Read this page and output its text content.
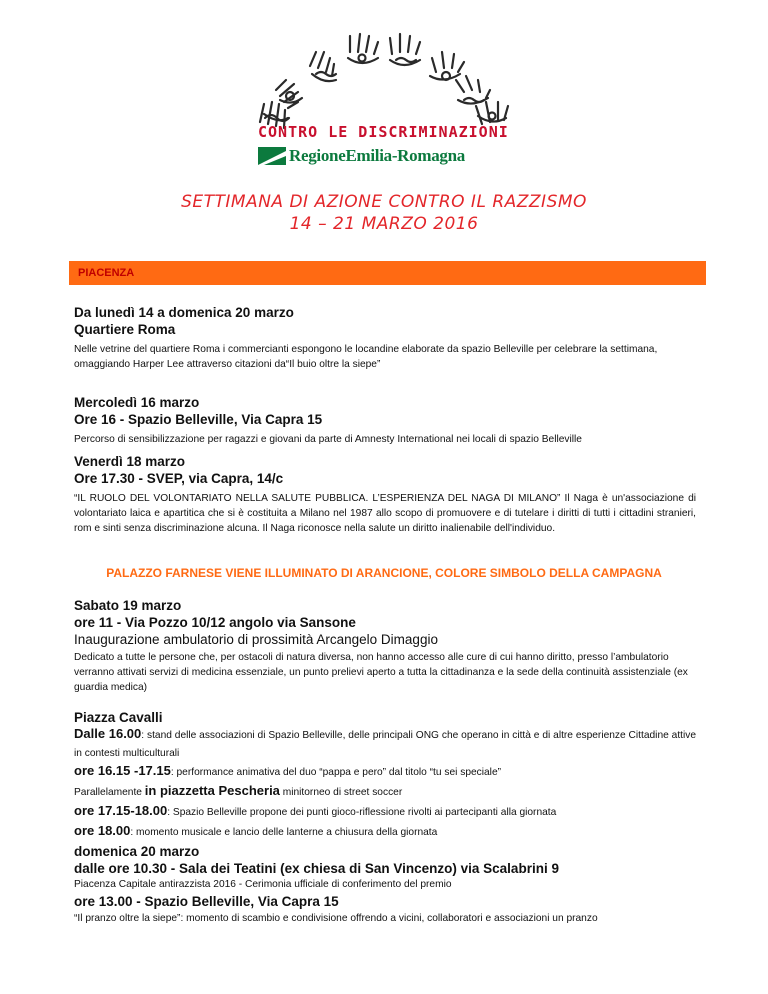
CONTRO LE DISCRIMINAZIONI
RegioneEmilia-Romagna
SETTIMANA DI AZIONE CONTRO IL RAZZISMO
14 – 21 MARZO 2016
PIACENZA
Da lunedì 14 a domenica 20 marzo
Quartiere Roma
Nelle vetrine del quartiere Roma i commercianti espongono le locandine elaborate da spazio Belleville per celebrare la settimana, omaggiando Harper Lee attraverso citazioni da“Il buio oltre la siepe”
Mercoledì 16 marzo
Ore 16 - Spazio Belleville, Via Capra 15
Percorso di sensibilizzazione per ragazzi e giovani da parte di Amnesty International nei locali di spazio Belleville
Venerdì 18 marzo
Ore 17.30 - SVEP, via Capra, 14/c
“IL RUOLO DEL VOLONTARIATO NELLA SALUTE PUBBLICA. L’ESPERIENZA DEL NAGA DI MILANO” Il Naga è un'associazione di volontariato laica e apartitica che si è costituita a Milano nel 1987 allo scopo di promuovere e di tutelare i diritti di tutti i cittadini stranieri, rom e sinti senza discriminazione alcuna. Il Naga riconosce nella salute un diritto inalienabile dell'individuo.
PALAZZO FARNESE VIENE ILLUMINATO DI ARANCIONE, COLORE SIMBOLO DELLA CAMPAGNA
Sabato 19 marzo
ore 11 - Via Pozzo 10/12 angolo via Sansone
Inaugurazione ambulatorio di prossimità Arcangelo Dimaggio
Dedicato a tutte le persone che, per ostacoli di natura diversa, non hanno accesso alle cure di cui hanno diritto, presso l’ambulatorio verranno attivati servizi di medicina essenziale, un punto prelievi aperto a tutta la cittadinanza e la sede della continuità assistenziale (ex guardia medica)
Piazza Cavalli
Dalle 16.00: stand delle associazioni di Spazio Belleville, delle principali ONG che operano in città e di altre esperienze Cittadine attive in contesti multiculturali
ore 16.15 -17.15: performance animativa del duo “pappa e pero” dal titolo “tu sei speciale”
Parallelamente in piazzetta Pescheria minitorneo di street soccer
ore 17.15-18.00: Spazio Belleville propone dei punti gioco-riflessione rivolti ai partecipanti alla giornata
ore 18.00: momento musicale e lancio delle lanterne a chiusura della giornata
domenica 20 marzo
dalle ore 10.30 - Sala dei Teatini (ex chiesa di San Vincenzo) via Scalabrini 9
Piacenza Capitale antirazzista 2016 - Cerimonia ufficiale di conferimento del premio
ore 13.00 - Spazio Belleville, Via Capra 15
“Il pranzo oltre la siepe”: momento di scambio e condivisione offrendo a vicini, collaboratori e associazioni un pranzo
